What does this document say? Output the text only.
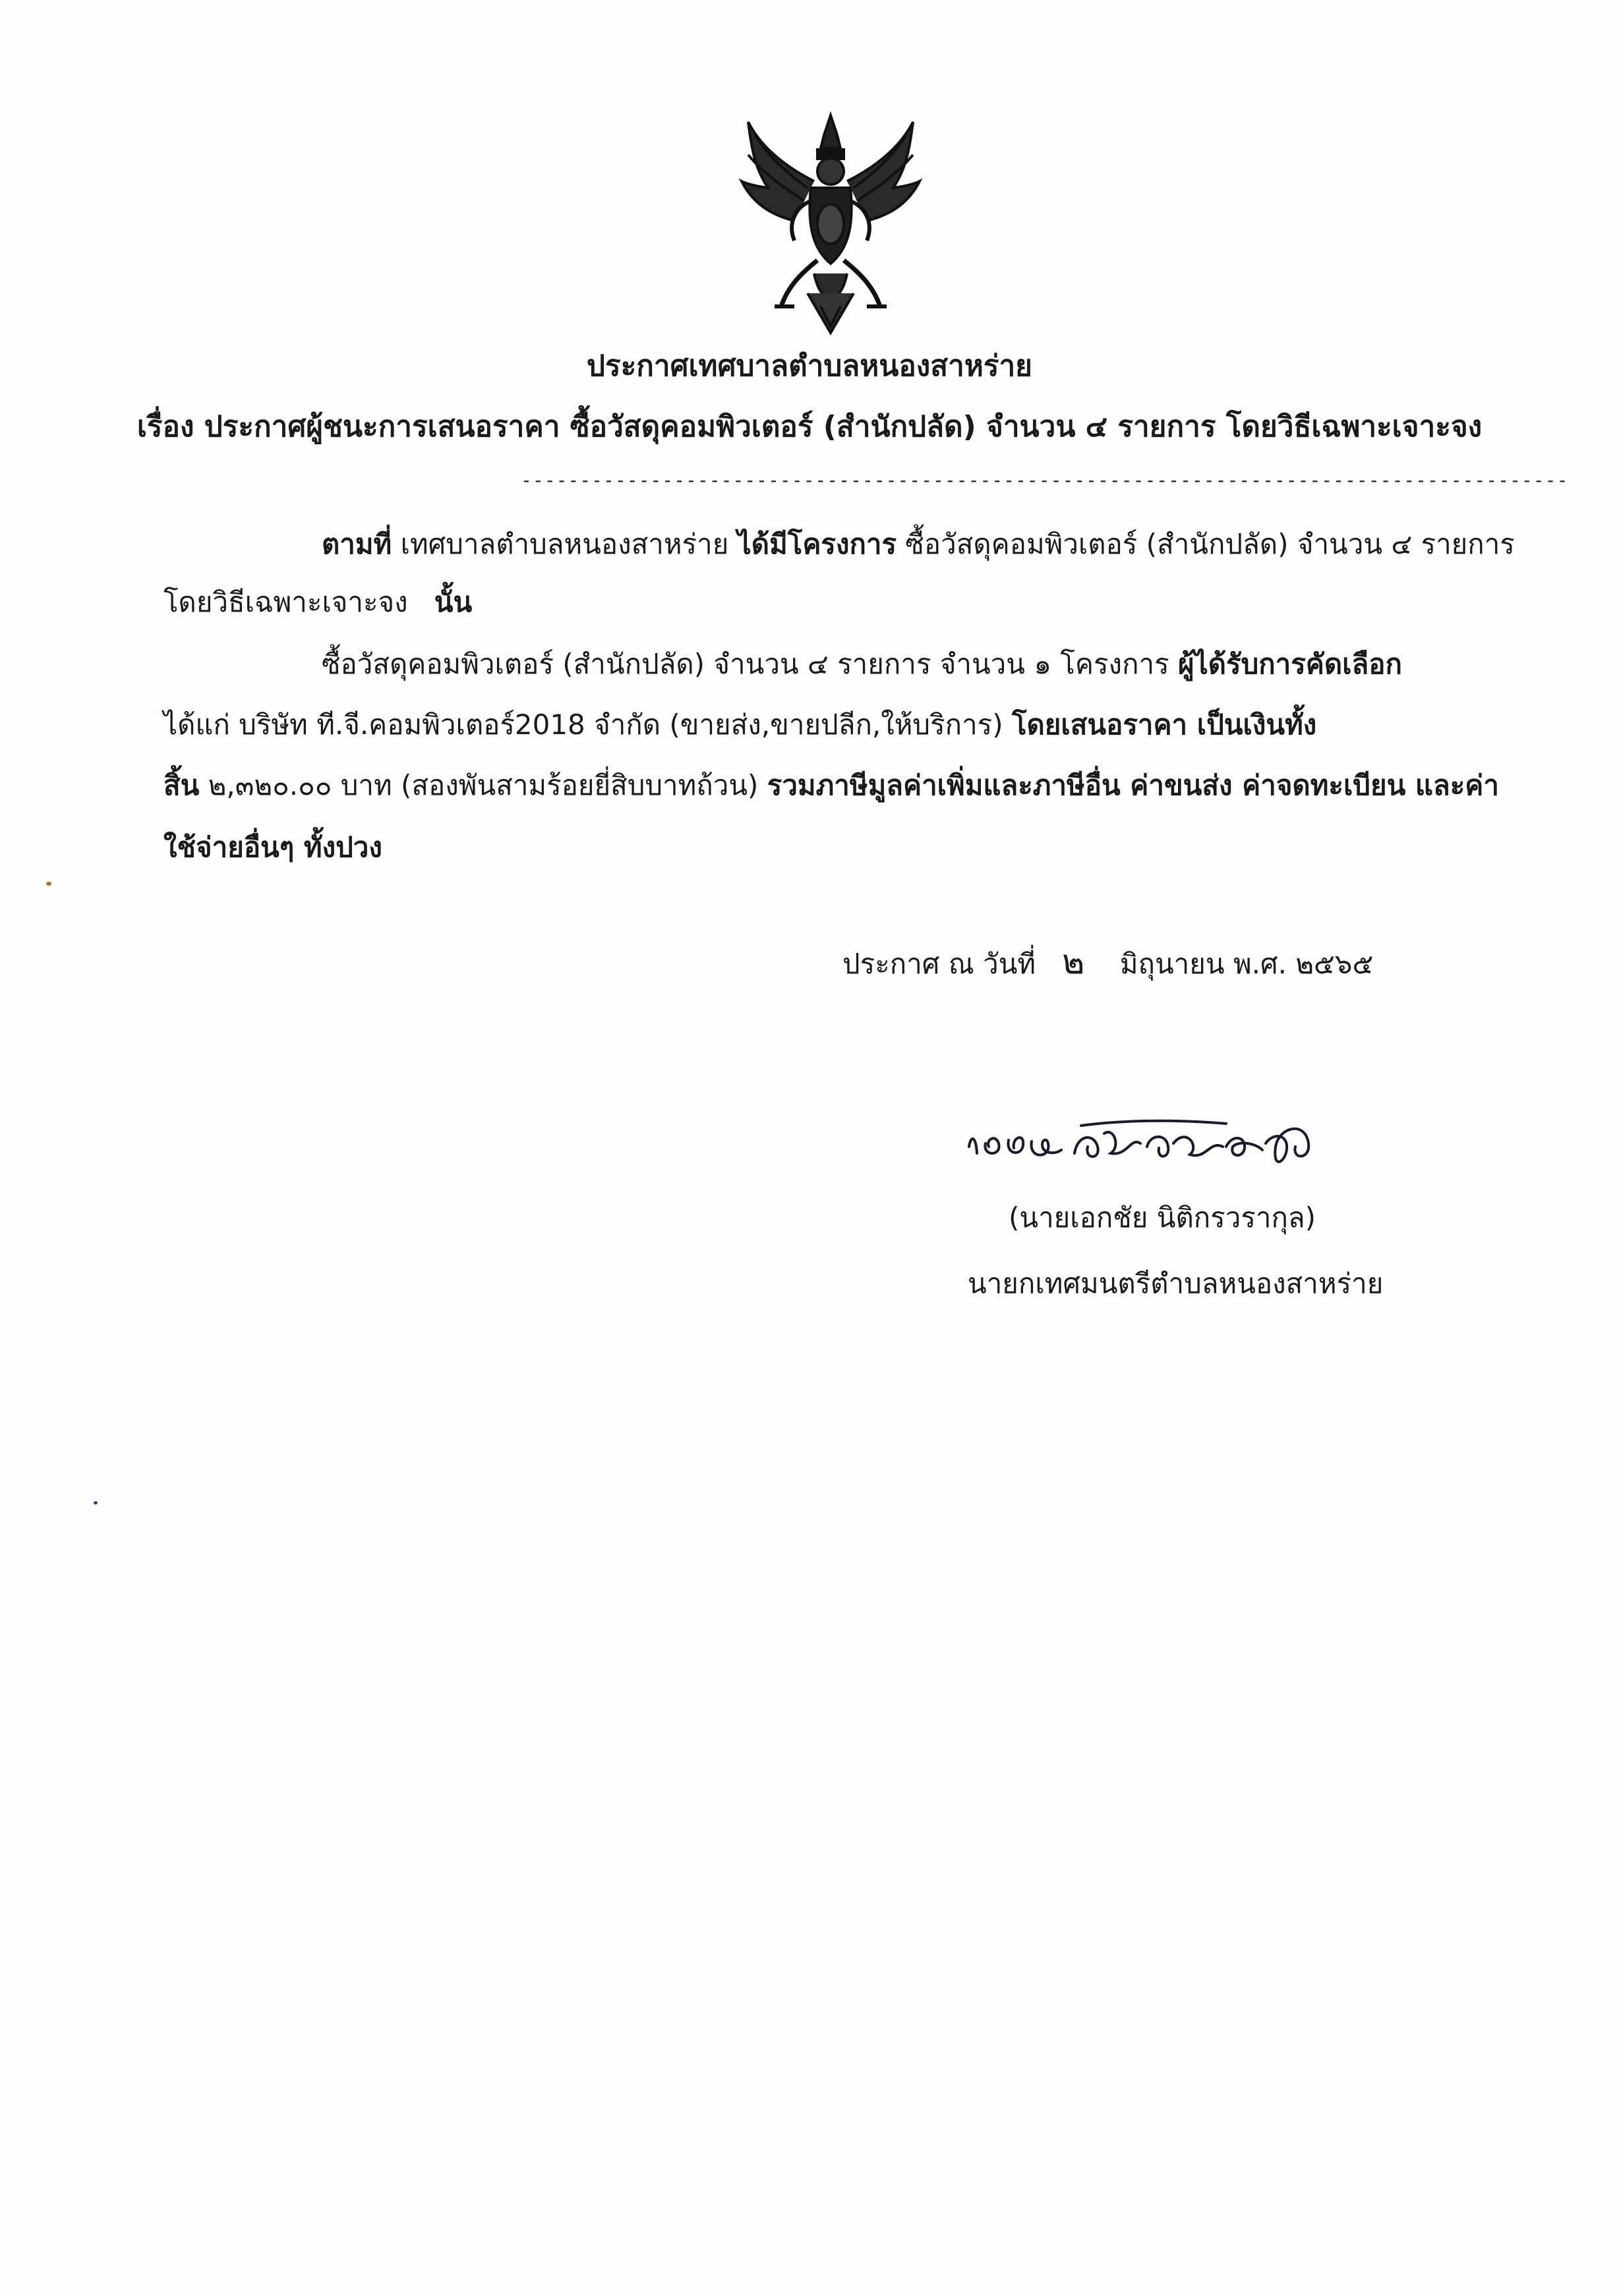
ประกาศเทศบาลตำบลหนองสาหร่าย
เรื่อง ประกาศผู้ชนะการเสนอราคา ซื้อวัสดุคอมพิวเตอร์ (สำนักปลัด) จำนวน ๔ รายการ โดยวิธีเฉพาะเจาะจง
-----------------------------------------------------------------------------------------
ตามที่ เทศบาลตำบลหนองสาหร่าย ได้มีโครงการ ซื้อวัสดุคอมพิวเตอร์ (สำนักปลัด) จำนวน ๔ รายการ
โดยวิธีเฉพาะเจาะจง นั้น
ซื้อวัสดุคอมพิวเตอร์ (สำนักปลัด) จำนวน ๔ รายการ จำนวน ๑ โครงการ ผู้ได้รับการคัดเลือก
ได้แก่ บริษัท ที.จี.คอมพิวเตอร์2018 จำกัด (ขายส่ง,ขายปลีก,ให้บริการ) โดยเสนอราคา เป็นเงินทั้ง
สิ้น ๒,๓๒๐.๐๐ บาท (สองพันสามร้อยยี่สิบบาทถ้วน) รวมภาษีมูลค่าเพิ่มและภาษีอื่น ค่าขนส่ง ค่าจดทะเบียน และค่า
ใช้จ่ายอื่นๆ ทั้งปวง
ประกาศ ณ วันที่ ๒ มิถุนายน พ.ศ. ๒๕๖๕
(นายเอกชัย นิติกรวรากุล)
นายกเทศมนตรีตำบลหนองสาหร่าย
